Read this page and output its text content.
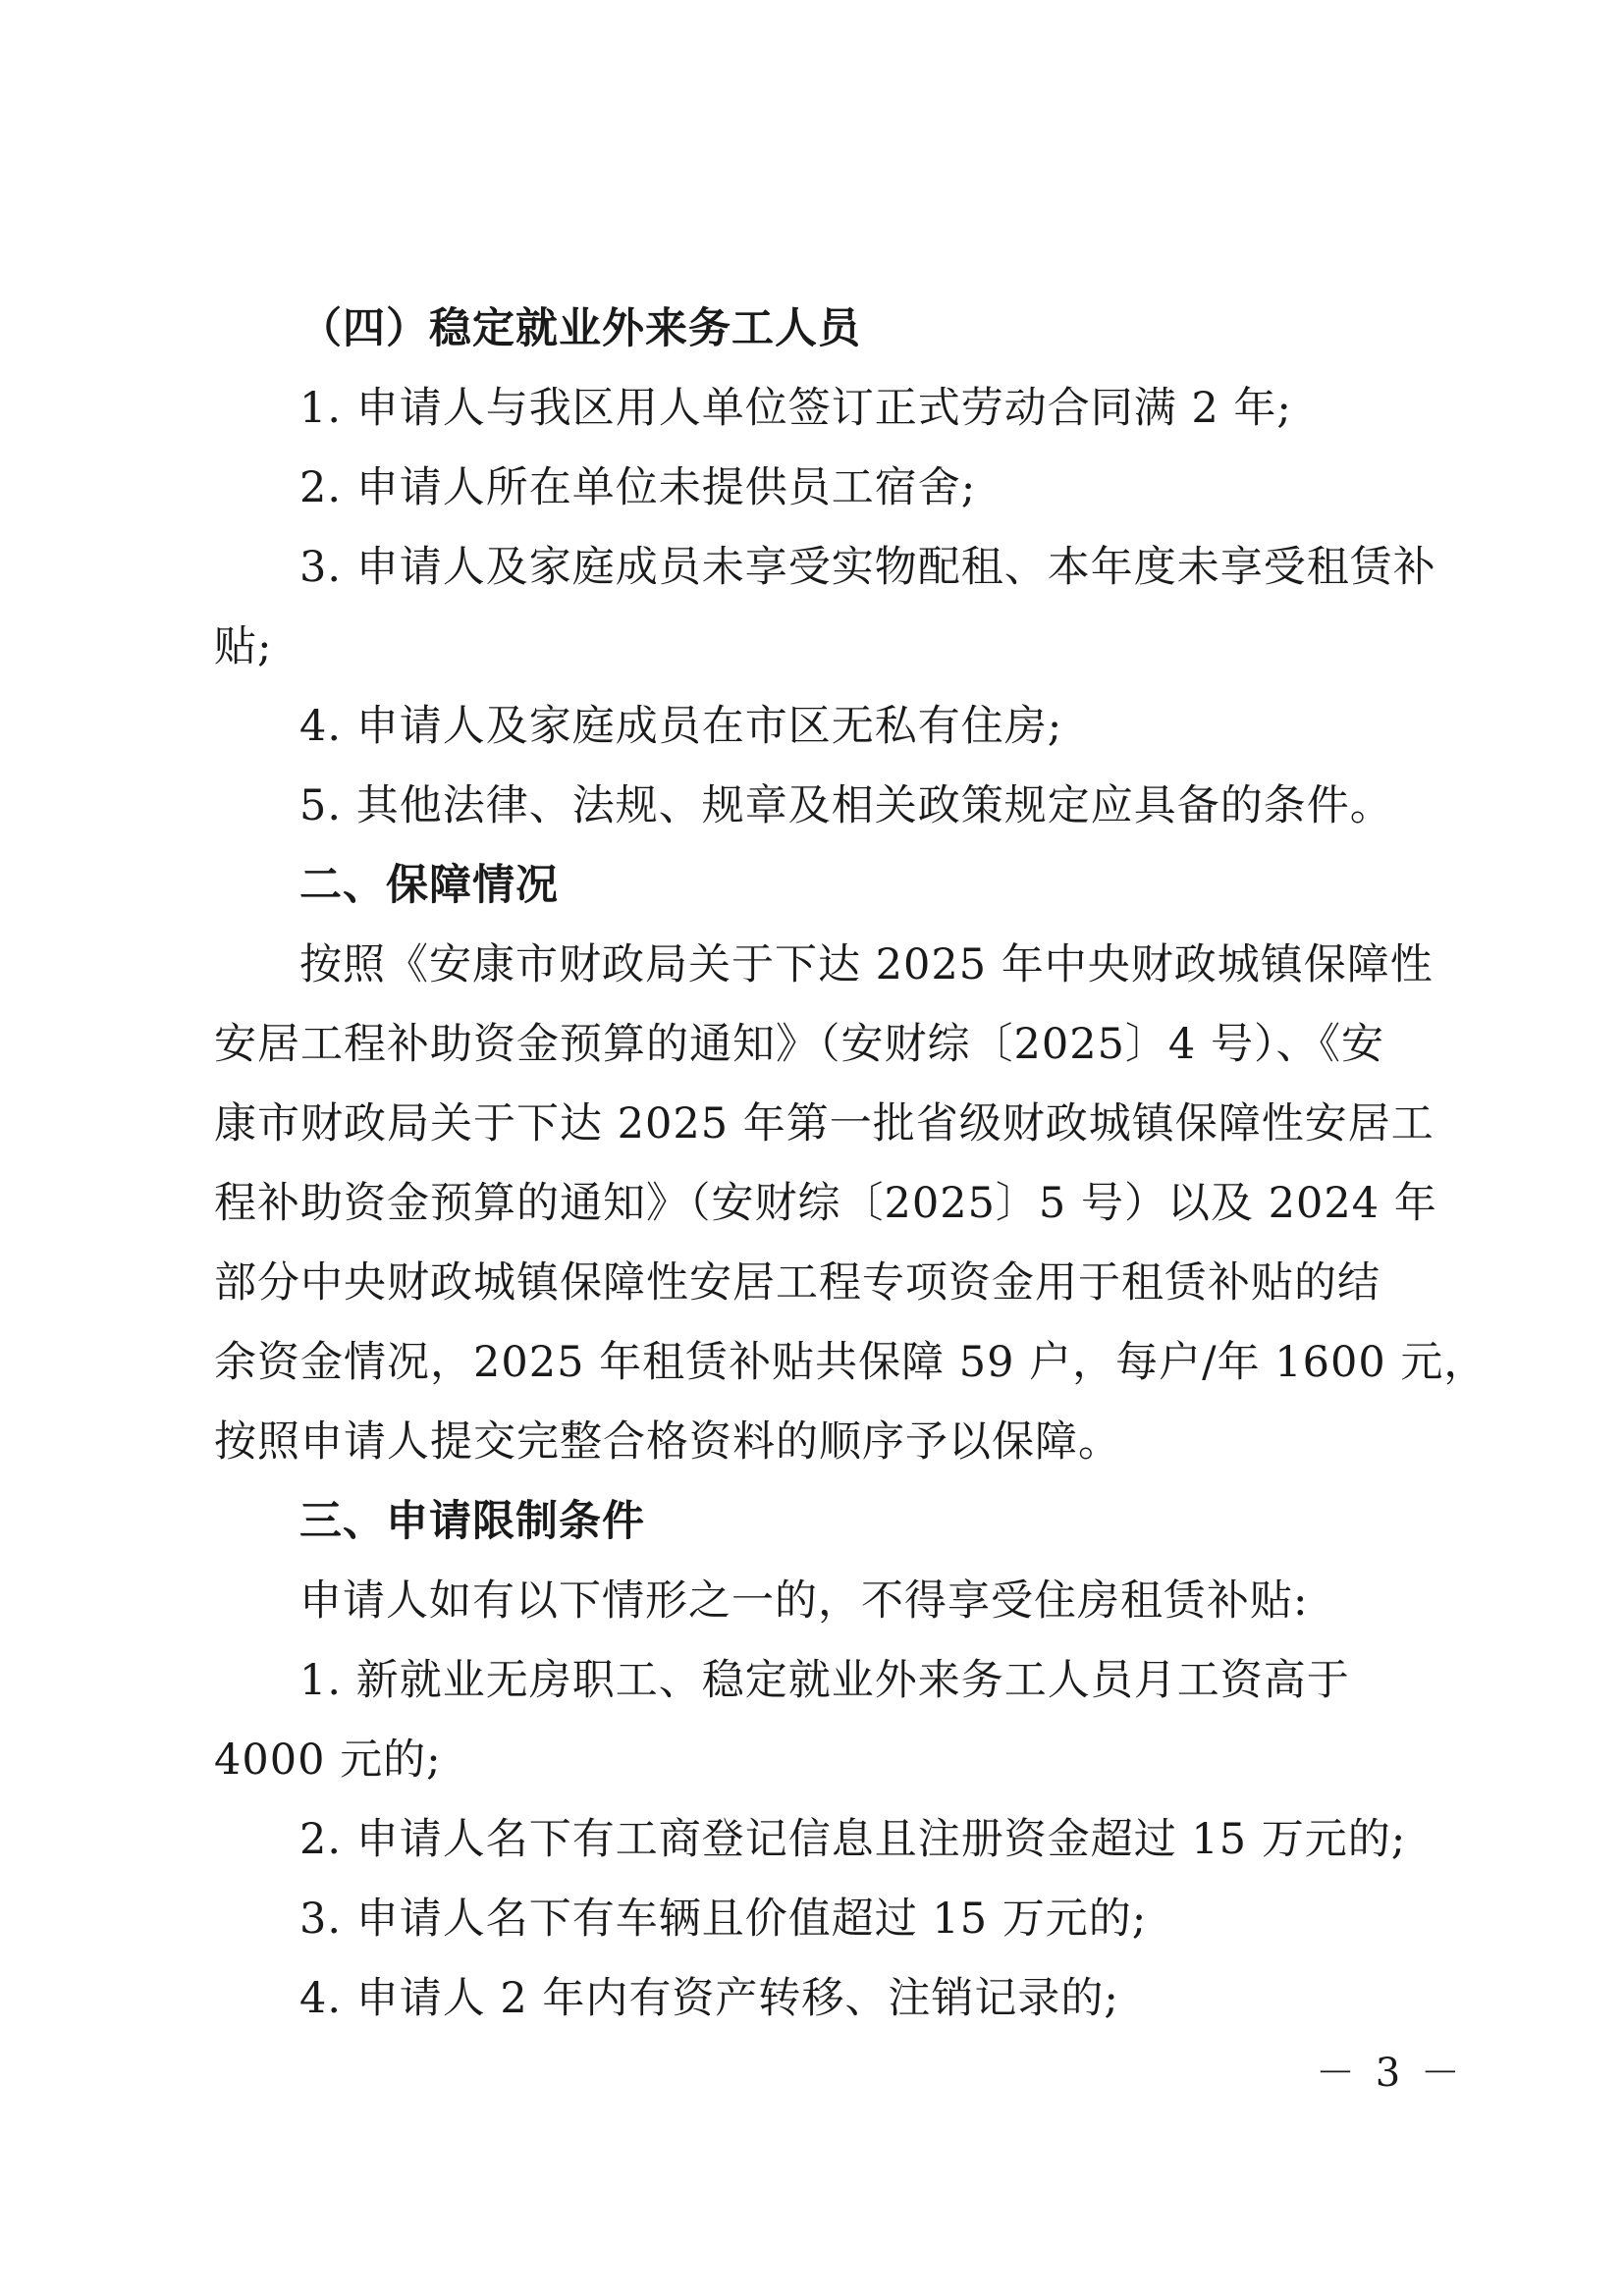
（四）稳定就业外来务工人员
1. 申请人与我区用人单位签订正式劳动合同满 2 年;
2. 申请人所在单位未提供员工宿舍;
3. 申请人及家庭成员未享受实物配租、本年度未享受租赁补
贴;
4. 申请人及家庭成员在市区无私有住房;
5. 其他法律、法规、规章及相关政策规定应具备的条件。
二、保障情况
按照《安康市财政局关于下达 2025 年中央财政城镇保障性
安居工程补助资金预算的通知》（安财综〔2025〕4 号）、《安
康市财政局关于下达 2025 年第一批省级财政城镇保障性安居工
程补助资金预算的通知》（安财综〔2025〕5 号）以及 2024 年
部分中央财政城镇保障性安居工程专项资金用于租赁补贴的结
余资金情况，2025 年租赁补贴共保障 59 户，每户/年 1600 元，
按照申请人提交完整合格资料的顺序予以保障。
三、申请限制条件
申请人如有以下情形之一的，不得享受住房租赁补贴:
1. 新就业无房职工、稳定就业外来务工人员月工资高于
4000 元的;
2. 申请人名下有工商登记信息且注册资金超过 15 万元的;
3. 申请人名下有车辆且价值超过 15 万元的;
4. 申请人 2 年内有资产转移、注销记录的;
－ 3 －
